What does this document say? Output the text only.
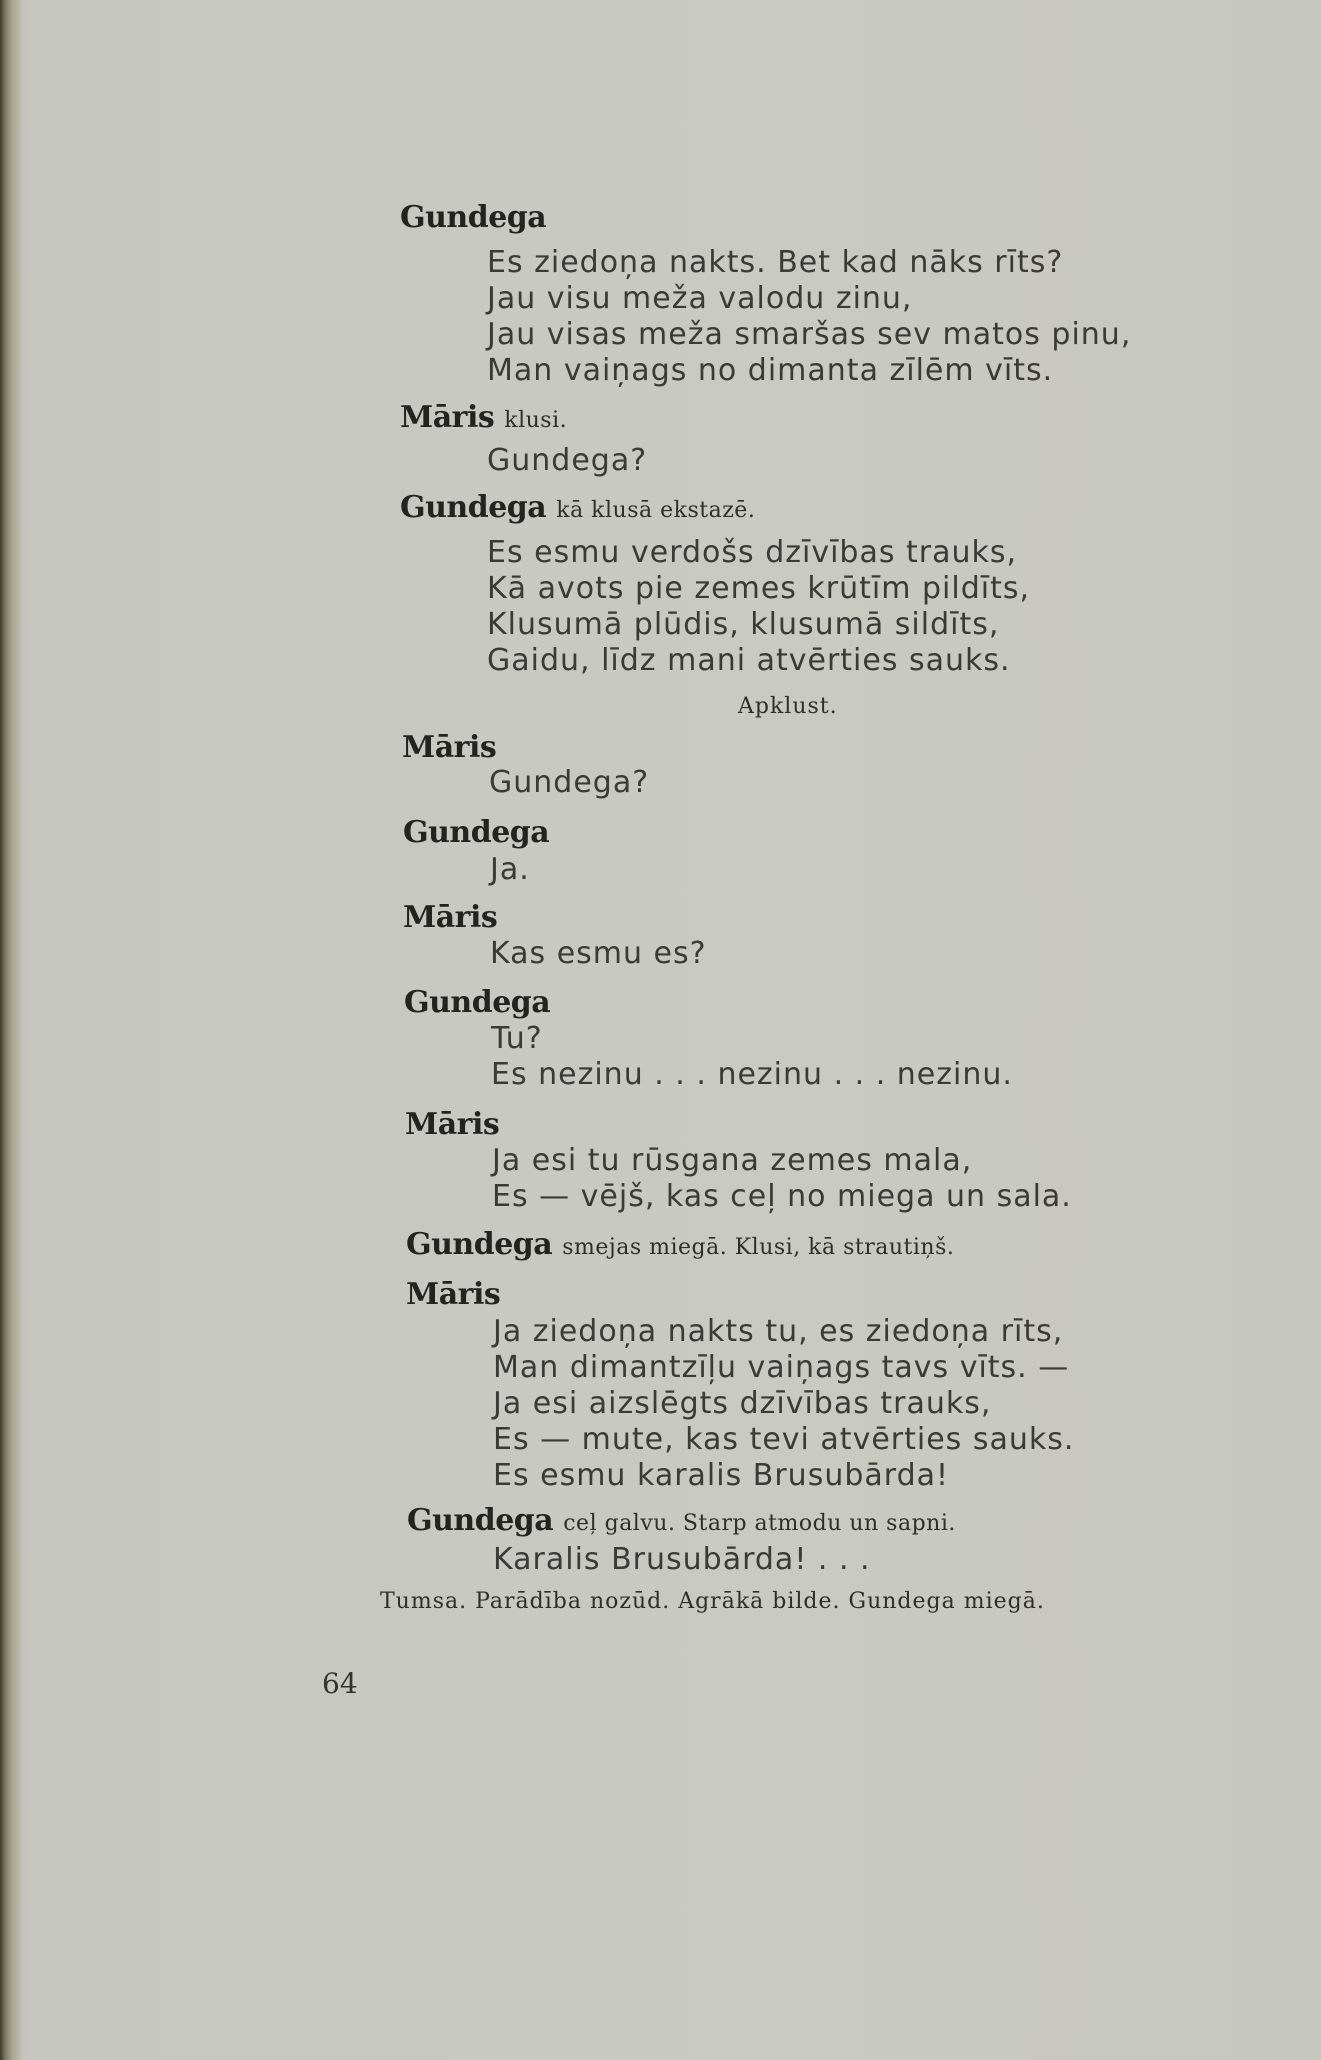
Gundega
Es ziedoņa nakts. Bet kad nāks rīts?
Jau visu meža valodu zinu,
Jau visas meža smaršas sev matos pinu,
Man vaiņags no dimanta zīlēm vīts.
Māris klusi.
Gundega?
Gundega kā klusā ekstazē.
Es esmu verdošs dzīvības trauks,
Kā avots pie zemes krūtīm pildīts,
Klusumā plūdis, klusumā sildīts,
Gaidu, līdz mani atvērties sauks.
Apklust.
Māris
Gundega?
Gundega
Ja.
Māris
Kas esmu es?
Gundega
Tu?
Es nezinu . . . nezinu . . . nezinu.
Māris
Ja esi tu rūsgana zemes mala,
Es — vējš, kas ceļ no miega un sala.
Gundega smejas miegā. Klusi, kā strautiņš.
Māris
Ja ziedoņa nakts tu, es ziedoņa rīts,
Man dimantzīļu vaiņags tavs vīts. —
Ja esi aizslēgts dzīvības trauks,
Es — mute, kas tevi atvērties sauks.
Es esmu karalis Brusubārda!
Gundega ceļ galvu. Starp atmodu un sapni.
Karalis Brusubārda! . . .
Tumsa. Parādība nozūd. Agrākā bilde. Gundega miegā.
64
